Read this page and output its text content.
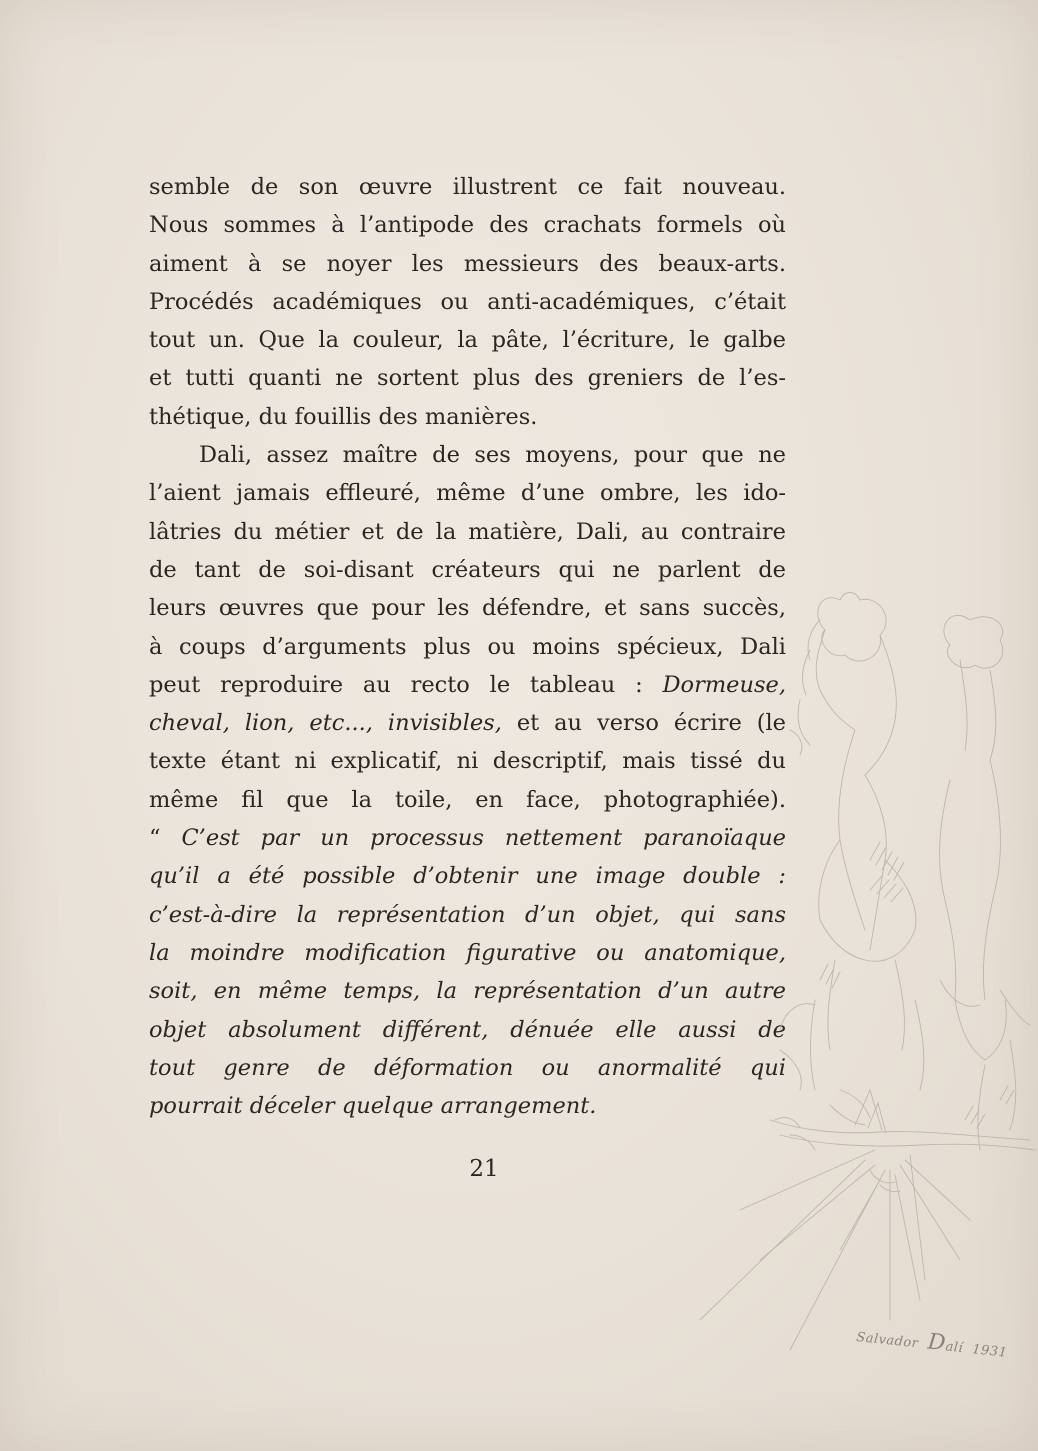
semble de son œuvre illustrent ce fait nouveau.
Nous sommes à l’antipode des crachats formels où
aiment à se noyer les messieurs des beaux-arts.
Procédés académiques ou anti-académiques, c’était
tout un. Que la couleur, la pâte, l’écriture, le galbe
et tutti quanti ne sortent plus des greniers de l’es-
thétique, du fouillis des manières.
Dali, assez maître de ses moyens, pour que ne
l’aient jamais effleuré, même d’une ombre, les ido-
lâtries du métier et de la matière, Dali, au contraire
de tant de soi-disant créateurs qui ne parlent de
leurs œuvres que pour les défendre, et sans succès,
à coups d’arguments plus ou moins spécieux, Dali
peut reproduire au recto le tableau : Dormeuse,
cheval, lion, etc..., invisibles, et au verso écrire (le
texte étant ni explicatif, ni descriptif, mais tissé du
même fil que la toile, en face, photographiée).
“ C’est par un processus nettement paranoïaque
qu’il a été possible d’obtenir une image double :
c’est-à-dire la représentation d’un objet, qui sans
la moindre modification figurative ou anatomique,
soit, en même temps, la représentation d’un autre
objet absolument différent, dénuée elle aussi de
tout genre de déformation ou anormalité qui
pourrait déceler quelque arrangement.
21
Salvador Dalí 1931
